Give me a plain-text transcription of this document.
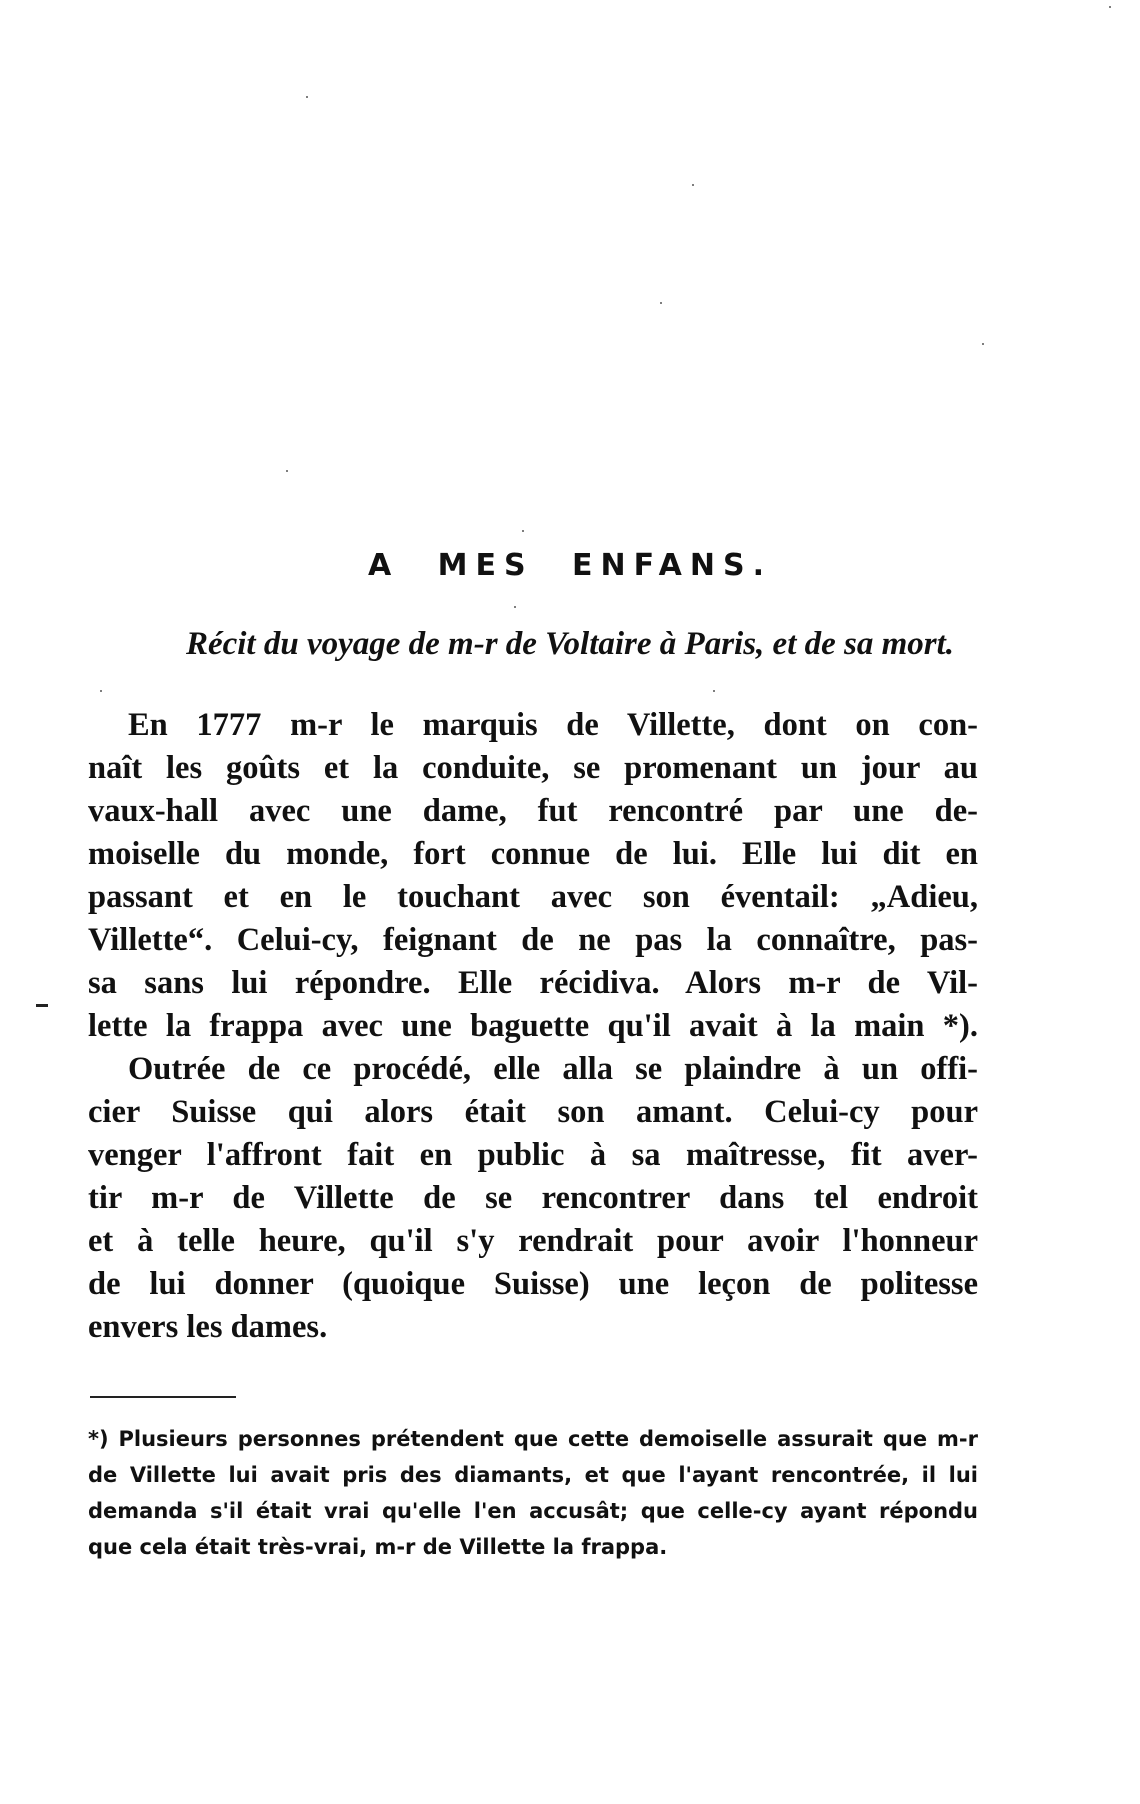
A MES ENFANS.
Récit du voyage de m-r de Voltaire à Paris, et de sa mort.
En 1777 m-r le marquis de Villette, dont on con-
naît les goûts et la conduite, se promenant un jour au
vaux-hall avec une dame, fut rencontré par une de-
moiselle du monde, fort connue de lui. Elle lui dit en
passant et en le touchant avec son éventail: „Adieu,
Villette“. Celui-cy, feignant de ne pas la connaître, pas-
sa sans lui répondre. Elle récidiva. Alors m-r de Vil-
lette la frappa avec une baguette qu'il avait à la main *).
Outrée de ce procédé, elle alla se plaindre à un offi-
cier Suisse qui alors était son amant. Celui-cy pour
venger l'affront fait en public à sa maîtresse, fit aver-
tir m-r de Villette de se rencontrer dans tel endroit
et à telle heure, qu'il s'y rendrait pour avoir l'honneur
de lui donner (quoique Suisse) une leçon de politesse
envers les dames.
*) Plusieurs personnes prétendent que cette demoiselle assurait que m-r
de Villette lui avait pris des diamants, et que l'ayant rencontrée, il lui
demanda s'il était vrai qu'elle l'en accusât; que celle-cy ayant répondu
que cela était très-vrai, m-r de Villette la frappa.
